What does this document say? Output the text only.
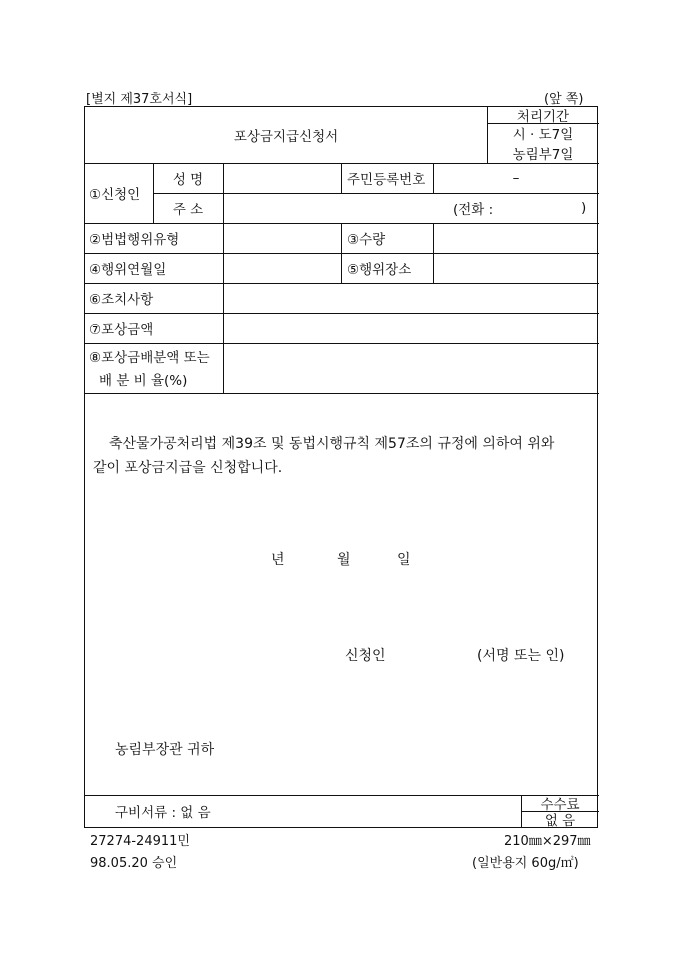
[별지 제37호서식]	(앞 쪽)
포상금지급신청서
처리기간
시 · 도7일
농림부7일
①신청인
성 명	주민등록번호	–
주 소	(전화 :	)
②범법행위유형	③수량
④행위연월일	⑤행위장소
⑥조치사항
⑦포상금액
⑧포상금배분액 또는
배 분 비 율(%)
축산물가공처리법 제39조 및 동법시행규칙 제57조의 규정에 의하여 위와
같이 포상금지급을 신청합니다.
년	월	일
신청인	(서명 또는 인)
농림부장관 귀하
구비서류 : 없 음	수수료
없 음
27274-24911민	210㎜×297㎜
98.05.20 승인	(일반용지 60g/㎡)
